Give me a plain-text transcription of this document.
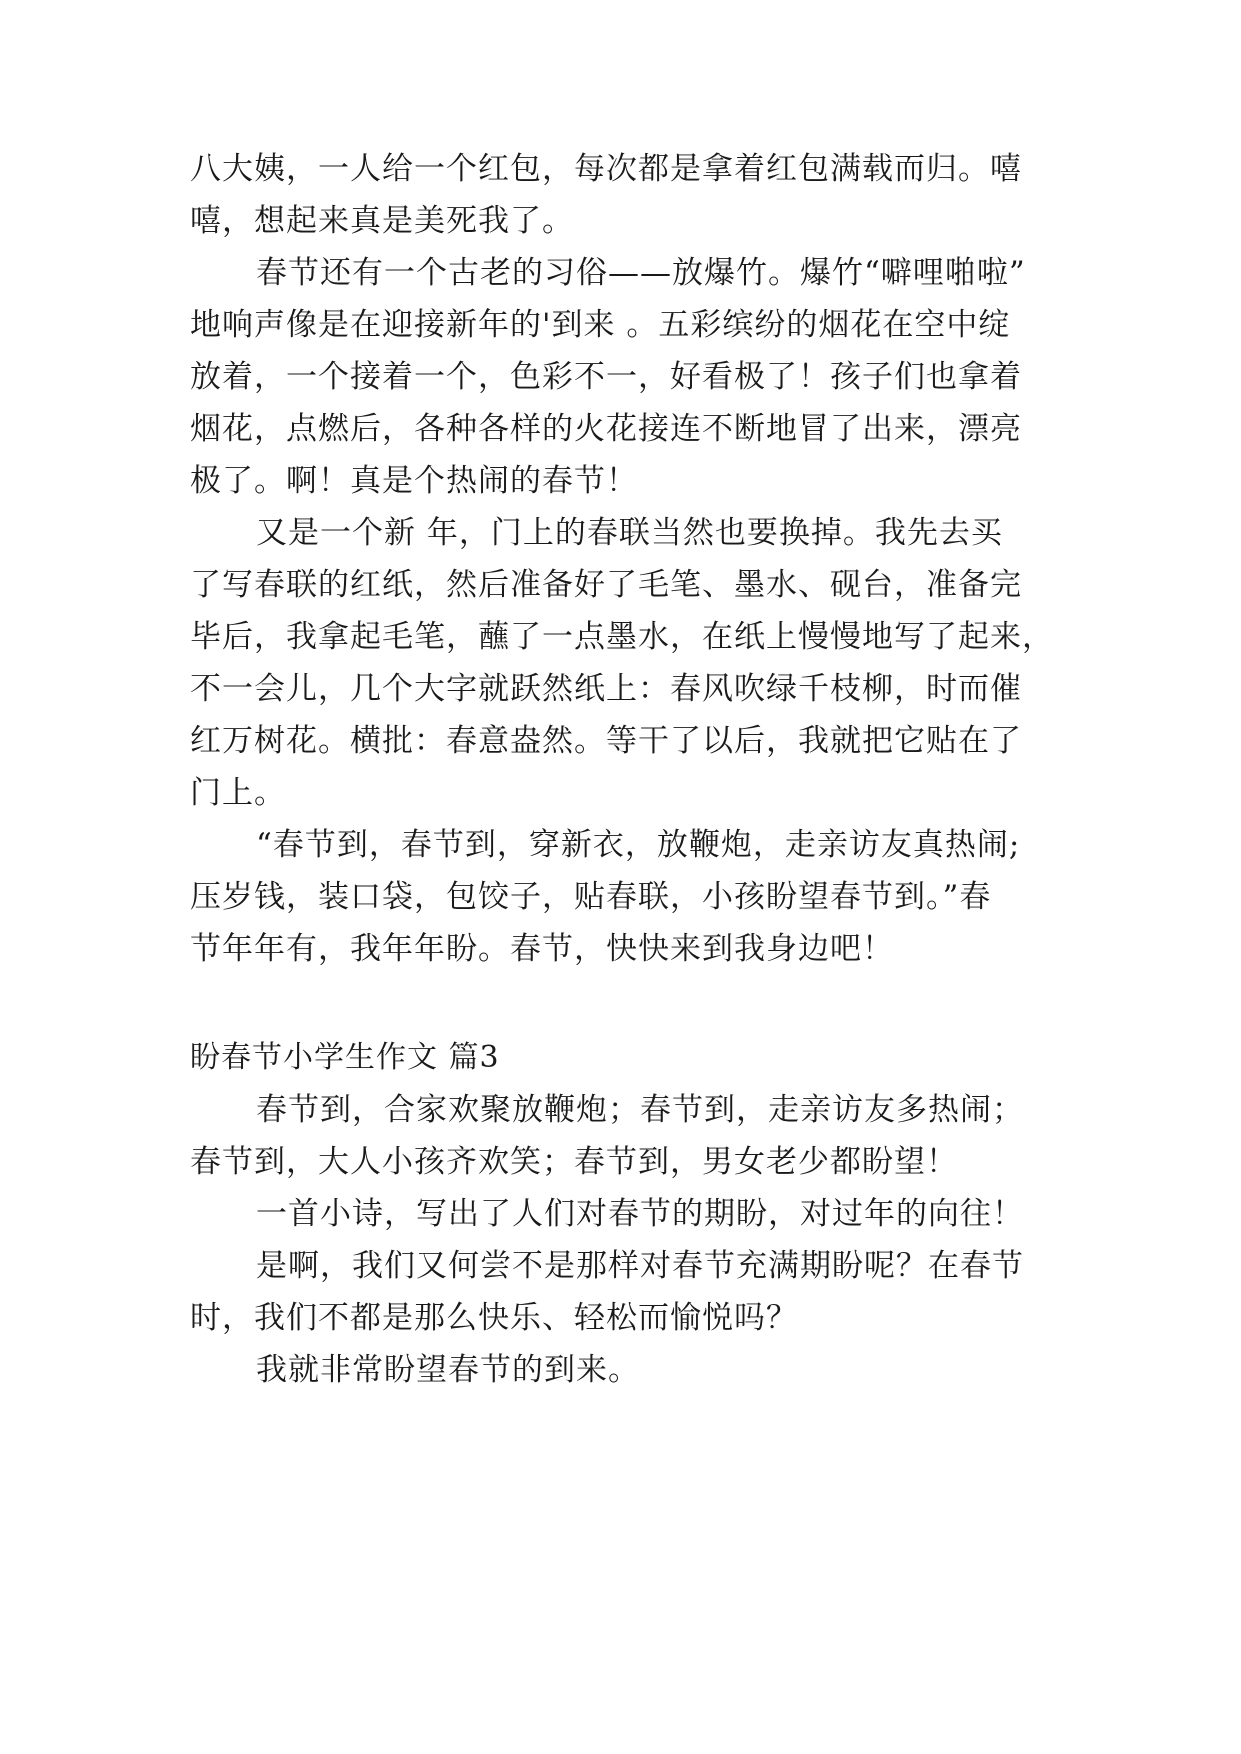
八大姨，一人给一个红包，每次都是拿着红包满载而归。嘻
嘻，想起来真是美死我了。
春节还有一个古老的习俗——放爆竹。爆竹“噼哩啪啦”
地响声像是在迎接新年的'到来 。五彩缤纷的烟花在空中绽
放着，一个接着一个，色彩不一，好看极了！孩子们也拿着
烟花，点燃后，各种各样的火花接连不断地冒了出来，漂亮
极了。啊！真是个热闹的春节！
又是一个新 年，门上的春联当然也要换掉。我先去买
了写春联的红纸，然后准备好了毛笔、墨水、砚台，准备完
毕后，我拿起毛笔，蘸了一点墨水，在纸上慢慢地写了起来，
不一会儿，几个大字就跃然纸上：春风吹绿千枝柳，时而催
红万树花。横批：春意盎然。等干了以后，我就把它贴在了
门上。
“春节到，春节到，穿新衣，放鞭炮，走亲访友真热闹;
压岁钱，装口袋，包饺子，贴春联，小孩盼望春节到。”春
节年年有，我年年盼。春节，快快来到我身边吧！
盼春节小学生作文 篇3
春节到，合家欢聚放鞭炮；春节到，走亲访友多热闹；
春节到，大人小孩齐欢笑；春节到，男女老少都盼望！
一首小诗，写出了人们对春节的期盼，对过年的向往！
是啊，我们又何尝不是那样对春节充满期盼呢？在春节
时，我们不都是那么快乐、轻松而愉悦吗？
我就非常盼望春节的到来。
